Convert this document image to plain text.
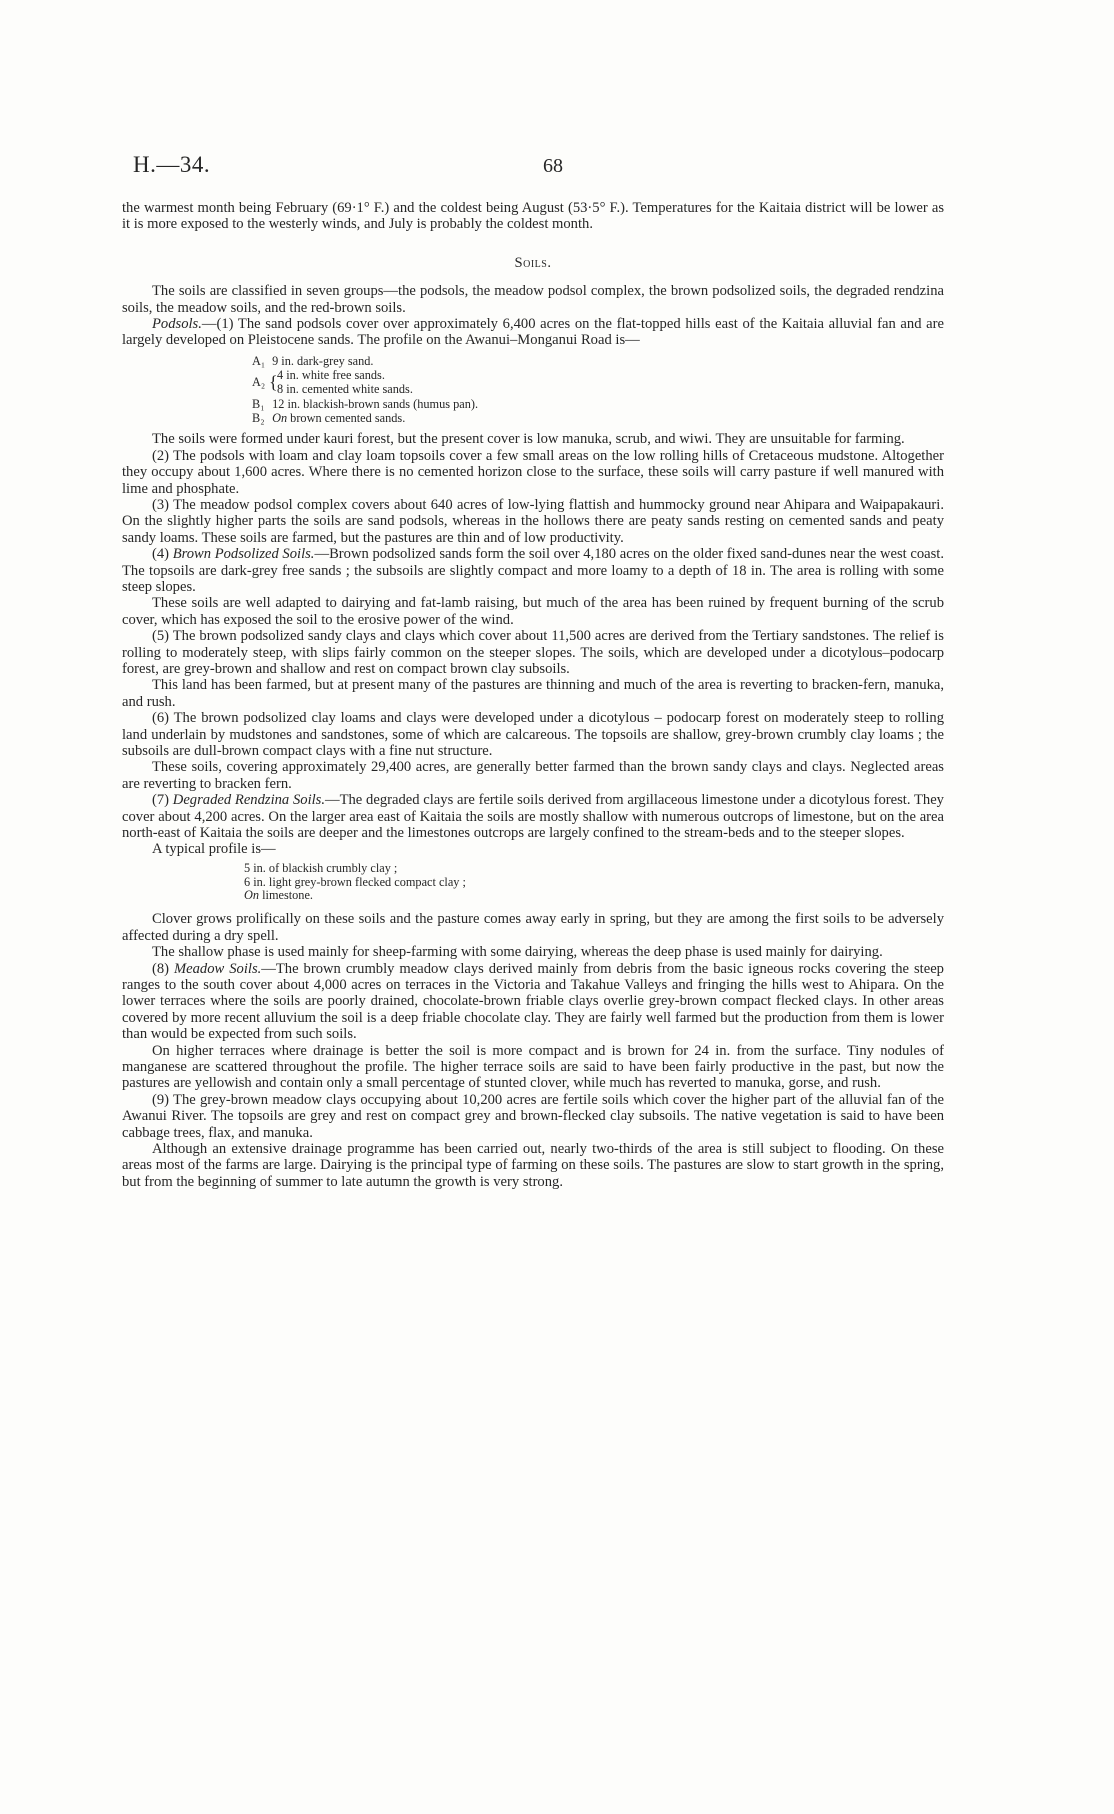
H.—34.	68

the warmest month being February (69·1° F.) and the coldest being August (53·5° F.). Temperatures for the Kaitaia district will be lower as it is more exposed to the westerly winds, and July is probably the coldest month.

Soils.

The soils are classified in seven groups—the podsols, the meadow podsol complex, the brown podsolized soils, the degraded rendzina soils, the meadow soils, and the red-brown soils.

Podsols.—(1) The sand podsols cover over approximately 6,400 acres on the flat-topped hills east of the Kaitaia alluvial fan and are largely developed on Pleistocene sands. The profile on the Awanui–Monganui Road is—

A₁ 9 in. dark-grey sand.
A₂ { 4 in. white free sands.
8 in. cemented white sands.
B₁ 12 in. blackish-brown sands (humus pan).
B₂ On brown cemented sands.

The soils were formed under kauri forest, but the present cover is low manuka, scrub, and wiwi. They are unsuitable for farming.

(2) The podsols with loam and clay loam topsoils cover a few small areas on the low rolling hills of Cretaceous mudstone. Altogether they occupy about 1,600 acres. Where there is no cemented horizon close to the surface, these soils will carry pasture if well manured with lime and phosphate.

(3) The meadow podsol complex covers about 640 acres of low-lying flattish and hummocky ground near Ahipara and Waipapakauri. On the slightly higher parts the soils are sand podsols, whereas in the hollows there are peaty sands resting on cemented sands and peaty sandy loams. These soils are farmed, but the pastures are thin and of low productivity.

(4) Brown Podsolized Soils.—Brown podsolized sands form the soil over 4,180 acres on the older fixed sand-dunes near the west coast. The topsoils are dark-grey free sands ; the subsoils are slightly compact and more loamy to a depth of 18 in. The area is rolling with some steep slopes.

These soils are well adapted to dairying and fat-lamb raising, but much of the area has been ruined by frequent burning of the scrub cover, which has exposed the soil to the erosive power of the wind.

(5) The brown podsolized sandy clays and clays which cover about 11,500 acres are derived from the Tertiary sandstones. The relief is rolling to moderately steep, with slips fairly common on the steeper slopes. The soils, which are developed under a dicotylous–podocarp forest, are grey-brown and shallow and rest on compact brown clay subsoils.

This land has been farmed, but at present many of the pastures are thinning and much of the area is reverting to bracken-fern, manuka, and rush.

(6) The brown podsolized clay loams and clays were developed under a dicotylous – podocarp forest on moderately steep to rolling land underlain by mudstones and sandstones, some of which are calcareous. The topsoils are shallow, grey-brown crumbly clay loams ; the subsoils are dull-brown compact clays with a fine nut structure.

These soils, covering approximately 29,400 acres, are generally better farmed than the brown sandy clays and clays. Neglected areas are reverting to bracken fern.

(7) Degraded Rendzina Soils.—The degraded clays are fertile soils derived from argillaceous limestone under a dicotylous forest. They cover about 4,200 acres. On the larger area east of Kaitaia the soils are mostly shallow with numerous outcrops of limestone, but on the area north-east of Kaitaia the soils are deeper and the limestones outcrops are largely confined to the stream-beds and to the steeper slopes.

A typical profile is—

5 in. of blackish crumbly clay ;
6 in. light grey-brown flecked compact clay ;
On limestone.

Clover grows prolifically on these soils and the pasture comes away early in spring, but they are among the first soils to be adversely affected during a dry spell.

The shallow phase is used mainly for sheep-farming with some dairying, whereas the deep phase is used mainly for dairying.

(8) Meadow Soils.—The brown crumbly meadow clays derived mainly from debris from the basic igneous rocks covering the steep ranges to the south cover about 4,000 acres on terraces in the Victoria and Takahue Valleys and fringing the hills west to Ahipara. On the lower terraces where the soils are poorly drained, chocolate-brown friable clays overlie grey-brown compact flecked clays. In other areas covered by more recent alluvium the soil is a deep friable chocolate clay. They are fairly well farmed but the production from them is lower than would be expected from such soils.

On higher terraces where drainage is better the soil is more compact and is brown for 24 in. from the surface. Tiny nodules of manganese are scattered throughout the profile. The higher terrace soils are said to have been fairly productive in the past, but now the pastures are yellowish and contain only a small percentage of stunted clover, while much has reverted to manuka, gorse, and rush.

(9) The grey-brown meadow clays occupying about 10,200 acres are fertile soils which cover the higher part of the alluvial fan of the Awanui River. The topsoils are grey and rest on compact grey and brown-flecked clay subsoils. The native vegetation is said to have been cabbage trees, flax, and manuka.

Although an extensive drainage programme has been carried out, nearly two-thirds of the area is still subject to flooding. On these areas most of the farms are large. Dairying is the principal type of farming on these soils. The pastures are slow to start growth in the spring, but from the beginning of summer to late autumn the growth is very strong.
